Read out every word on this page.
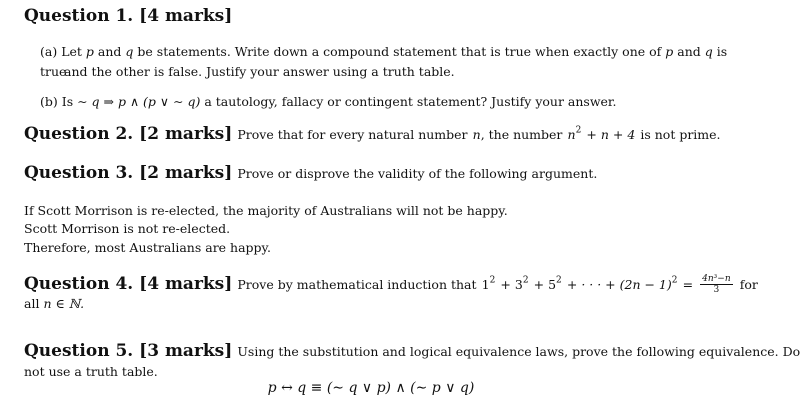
Question 1. [4 marks]
(a) Let p and q be statements. Write down a compound statement that is true when exactly one of p and q is true
and the other is false. Justify your answer using a truth table.
(b) Is ∼ q ⇒ p ∧ (p ∨ ∼ q) a tautology, fallacy or contingent statement? Justify your answer.
Question 2. [2 marks] Prove that for every natural number n, the number $n^2 + n + 4$ is not prime.
Question 3. [2 marks] Prove or disprove the validity of the following argument.
If Scott Morrison is re-elected, the majority of Australians will not be happy.
Scott Morrison is not re-elected.
Therefore, most Australians are happy.
Question 4. [4 marks] Prove by mathematical induction that $1^2 + 3^2 + 5^2$ + · · · + $(2n - 1)^2 = \frac{\text{4n³−n}}{3}$ for
all n ∈ ℕ.
Question 5. [3 marks] Using the substitution and logical equivalence laws, prove the following equivalence. Do
not use a truth table.
p ↔ q ≡ (∼ q ∨ p) ∧ (∼ p ∨ q)
